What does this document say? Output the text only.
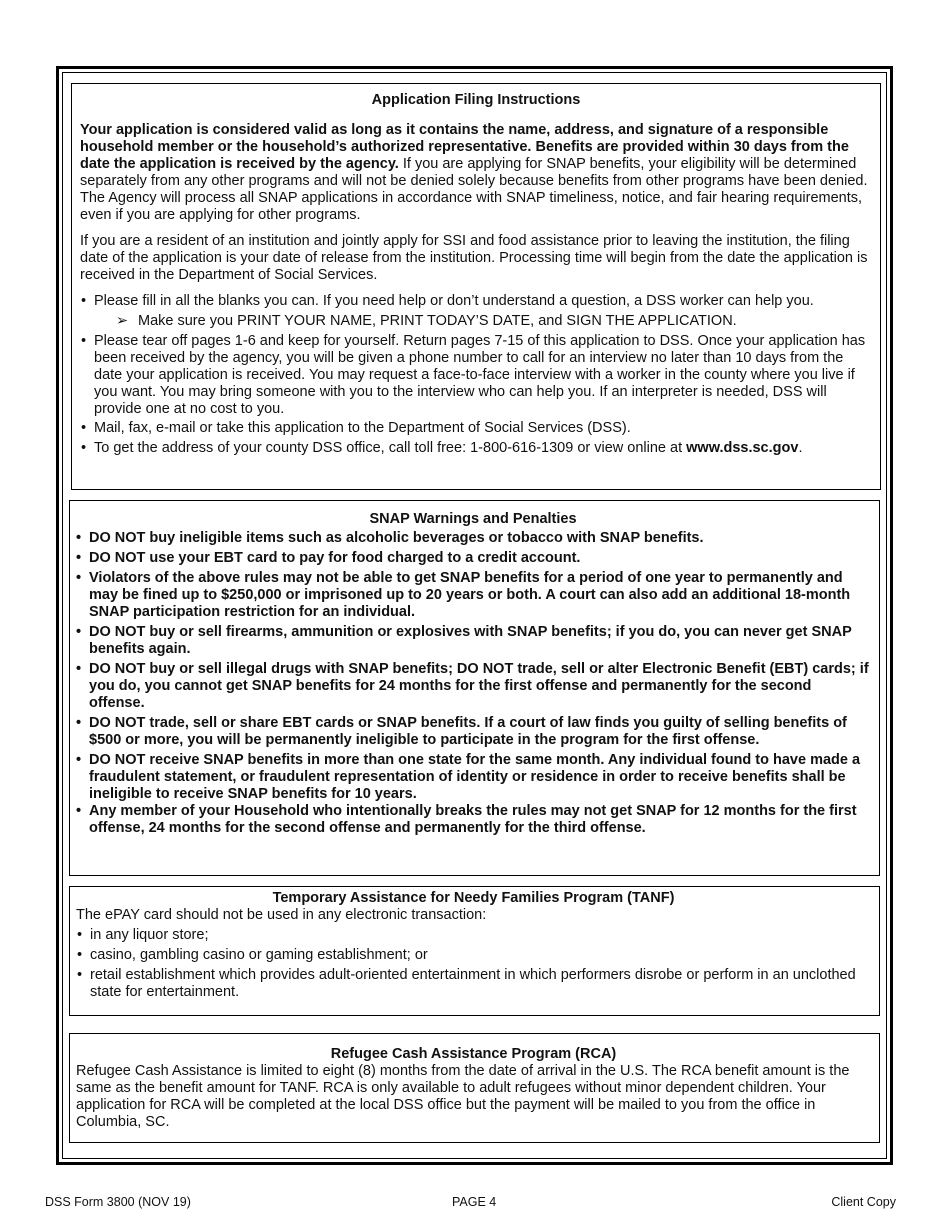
Application Filing Instructions

Your application is considered valid as long as it contains the name, address, and signature of a responsible household member or the household’s authorized representative. Benefits are provided within 30 days from the date the application is received by the agency. If you are applying for SNAP benefits, your eligibility will be determined separately from any other programs and will not be denied solely because benefits from other programs have been denied. The Agency will process all SNAP applications in accordance with SNAP timeliness, notice, and fair hearing requirements, even if you are applying for other programs.

If you are a resident of an institution and jointly apply for SSI and food assistance prior to leaving the institution, the filing date of the application is your date of release from the institution. Processing time will begin from the date the application is received in the Department of Social Services.

• Please fill in all the blanks you can. If you need help or don’t understand a question, a DSS worker can help you.
➢ Make sure you PRINT YOUR NAME, PRINT TODAY’S DATE, and SIGN THE APPLICATION.
• Please tear off pages 1-6 and keep for yourself. Return pages 7-15 of this application to DSS. Once your application has been received by the agency, you will be given a phone number to call for an interview no later than 10 days from the date your application is received. You may request a face-to-face interview with a worker in the county where you live if you want. You may bring someone with you to the interview who can help you. If an interpreter is needed, DSS will provide one at no cost to you.
• Mail, fax, e-mail or take this application to the Department of Social Services (DSS).
• To get the address of your county DSS office, call toll free: 1-800-616-1309 or view online at www.dss.sc.gov.

SNAP Warnings and Penalties

• DO NOT buy ineligible items such as alcoholic beverages or tobacco with SNAP benefits.
• DO NOT use your EBT card to pay for food charged to a credit account.
• Violators of the above rules may not be able to get SNAP benefits for a period of one year to permanently and may be fined up to $250,000 or imprisoned up to 20 years or both. A court can also add an additional 18-month SNAP participation restriction for an individual.
• DO NOT buy or sell firearms, ammunition or explosives with SNAP benefits; if you do, you can never get SNAP benefits again.
• DO NOT buy or sell illegal drugs with SNAP benefits; DO NOT trade, sell or alter Electronic Benefit (EBT) cards; if you do, you cannot get SNAP benefits for 24 months for the first offense and permanently for the second offense.
• DO NOT trade, sell or share EBT cards or SNAP benefits. If a court of law finds you guilty of selling benefits of $500 or more, you will be permanently ineligible to participate in the program for the first offense.
• DO NOT receive SNAP benefits in more than one state for the same month. Any individual found to have made a fraudulent statement, or fraudulent representation of identity or residence in order to receive benefits shall be ineligible to receive SNAP benefits for 10 years.
• Any member of your Household who intentionally breaks the rules may not get SNAP for 12 months for the first offense, 24 months for the second offense and permanently for the third offense.

Temporary Assistance for Needy Families Program (TANF)

The ePAY card should not be used in any electronic transaction:

• in any liquor store;
• casino, gambling casino or gaming establishment; or
• retail establishment which provides adult-oriented entertainment in which performers disrobe or perform in an unclothed state for entertainment.

Refugee Cash Assistance Program (RCA)

Refugee Cash Assistance is limited to eight (8) months from the date of arrival in the U.S. The RCA benefit amount is the same as the benefit amount for TANF. RCA is only available to adult refugees without minor dependent children. Your application for RCA will be completed at the local DSS office but the payment will be mailed to you from the office in Columbia, SC.

DSS Form 3800 (NOV 19)	PAGE 4	Client Copy
